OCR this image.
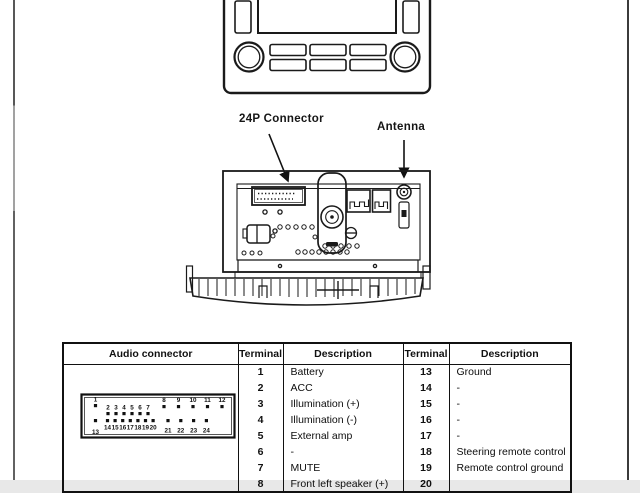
24P Connector
Antenna
Audio connector	Terminal	Description	Terminal	Description

1
2 3 4 5 6 7
8 9 10 11 12
13
14 15 16 17 18 19 20 21 22 23 24
	1	Battery	13	Ground
	2	ACC	14	-
	3	Illumination (+)	15	-
	4	Illumination (-)	16	-
	5	External amp	17	-
	6	-	18	Steering remote control
	7	MUTE	19	Remote control ground
	8	Front left speaker (+)	20	
